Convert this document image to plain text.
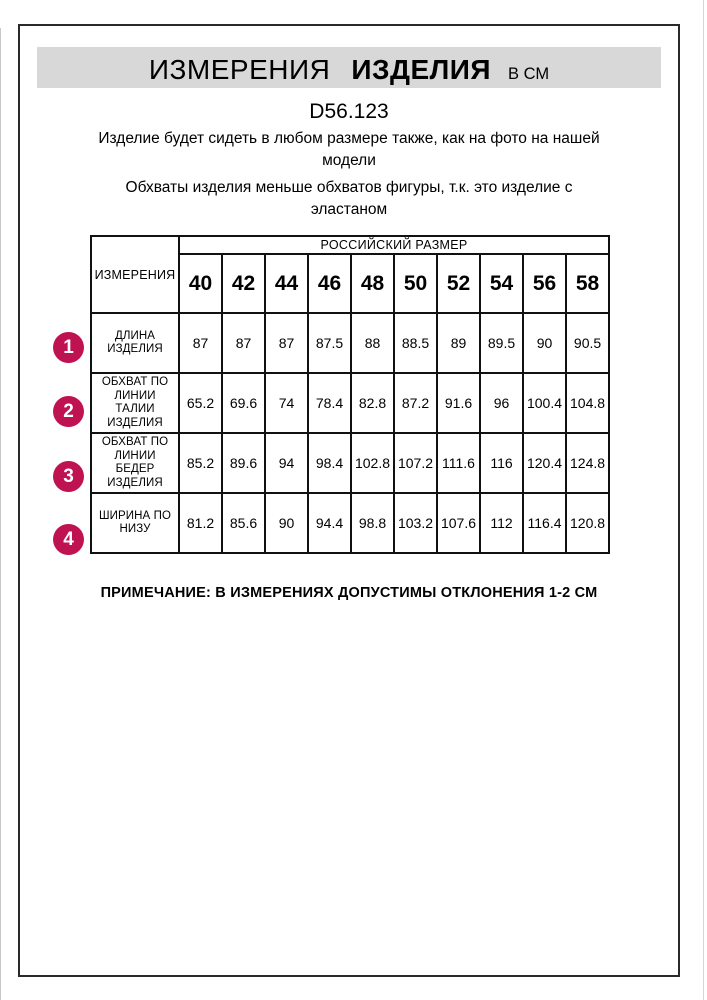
ИЗМЕРЕНИЯ ИЗДЕЛИЯ В СМ
D56.123

Изделие будет сидеть в любом размере также, как на фото на нашей модели

Обхваты изделия меньше обхватов фигуры, т.к. это изделие с эластаном

1
2
3
4
ИЗМЕРЕНИЯ	РОССИЙСКИЙ РАЗМЕР									
	40	42	44	46	48	50	52	54	56	58
ДЛИНА ИЗДЕЛИЯ	87	87	87	87.5	88	88.5	89	89.5	90	90.5
ОБХВАТ ПО ЛИНИИ ТАЛИИ ИЗДЕЛИЯ	65.2	69.6	74	78.4	82.8	87.2	91.6	96	100.4	104.8
ОБХВАТ ПО ЛИНИИ БЕДЕР ИЗДЕЛИЯ	85.2	89.6	94	98.4	102.8	107.2	111.6	116	120.4	124.8
ШИРИНА ПО НИЗУ	81.2	85.6	90	94.4	98.8	103.2	107.6	112	116.4	120.8
ПРИМЕЧАНИЕ: В ИЗМЕРЕНИЯХ ДОПУСТИМЫ ОТКЛОНЕНИЯ 1-2 СМ
